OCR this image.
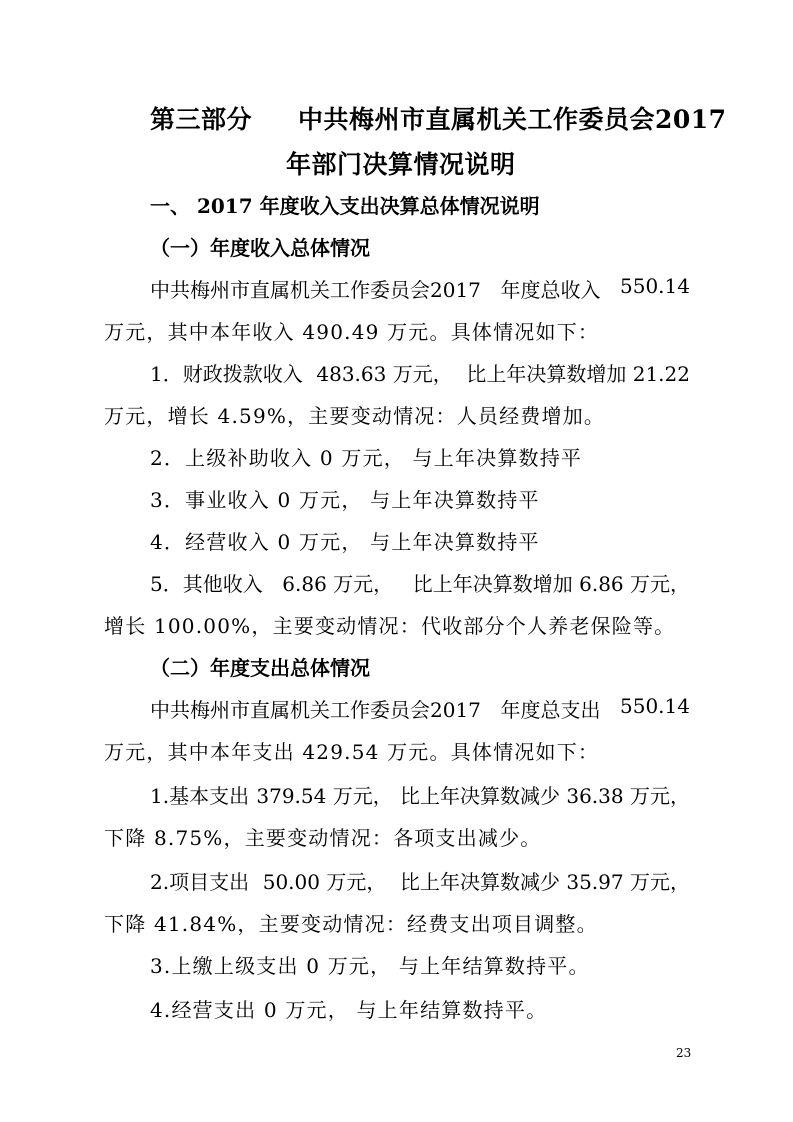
第三部分 中共梅州市直属机关工作委员会2017
年部门决算情况说明
一、 2017 年度收入支出决算总体情况说明
（一）年度收入总体情况
中共梅州市直属机关工作委员会2017 年度总收入 550.14
万元，其中本年收入 490.49 万元。具体情况如下：
1．财政拨款收入 483.63 万元， 比上年决算数增加 21.22
万元，增长 4.59%，主要变动情况：人员经费增加。
2．上级补助收入 0 万元， 与上年决算数持平
3．事业收入 0 万元， 与上年决算数持平
4．经营收入 0 万元， 与上年决算数持平
5．其他收入 6.86 万元， 比上年决算数增加 6.86 万元，
增长 100.00%，主要变动情况：代收部分个人养老保险等。
（二）年度支出总体情况
中共梅州市直属机关工作委员会2017 年度总支出 550.14
万元，其中本年支出 429.54 万元。具体情况如下：
1.基本支出 379.54 万元， 比上年决算数减少 36.38 万元，
下降 8.75%，主要变动情况：各项支出减少。
2.项目支出 50.00 万元， 比上年决算数减少 35.97 万元，
下降 41.84%，主要变动情况：经费支出项目调整。
3.上缴上级支出 0 万元， 与上年结算数持平。
4.经营支出 0 万元， 与上年结算数持平。
23
